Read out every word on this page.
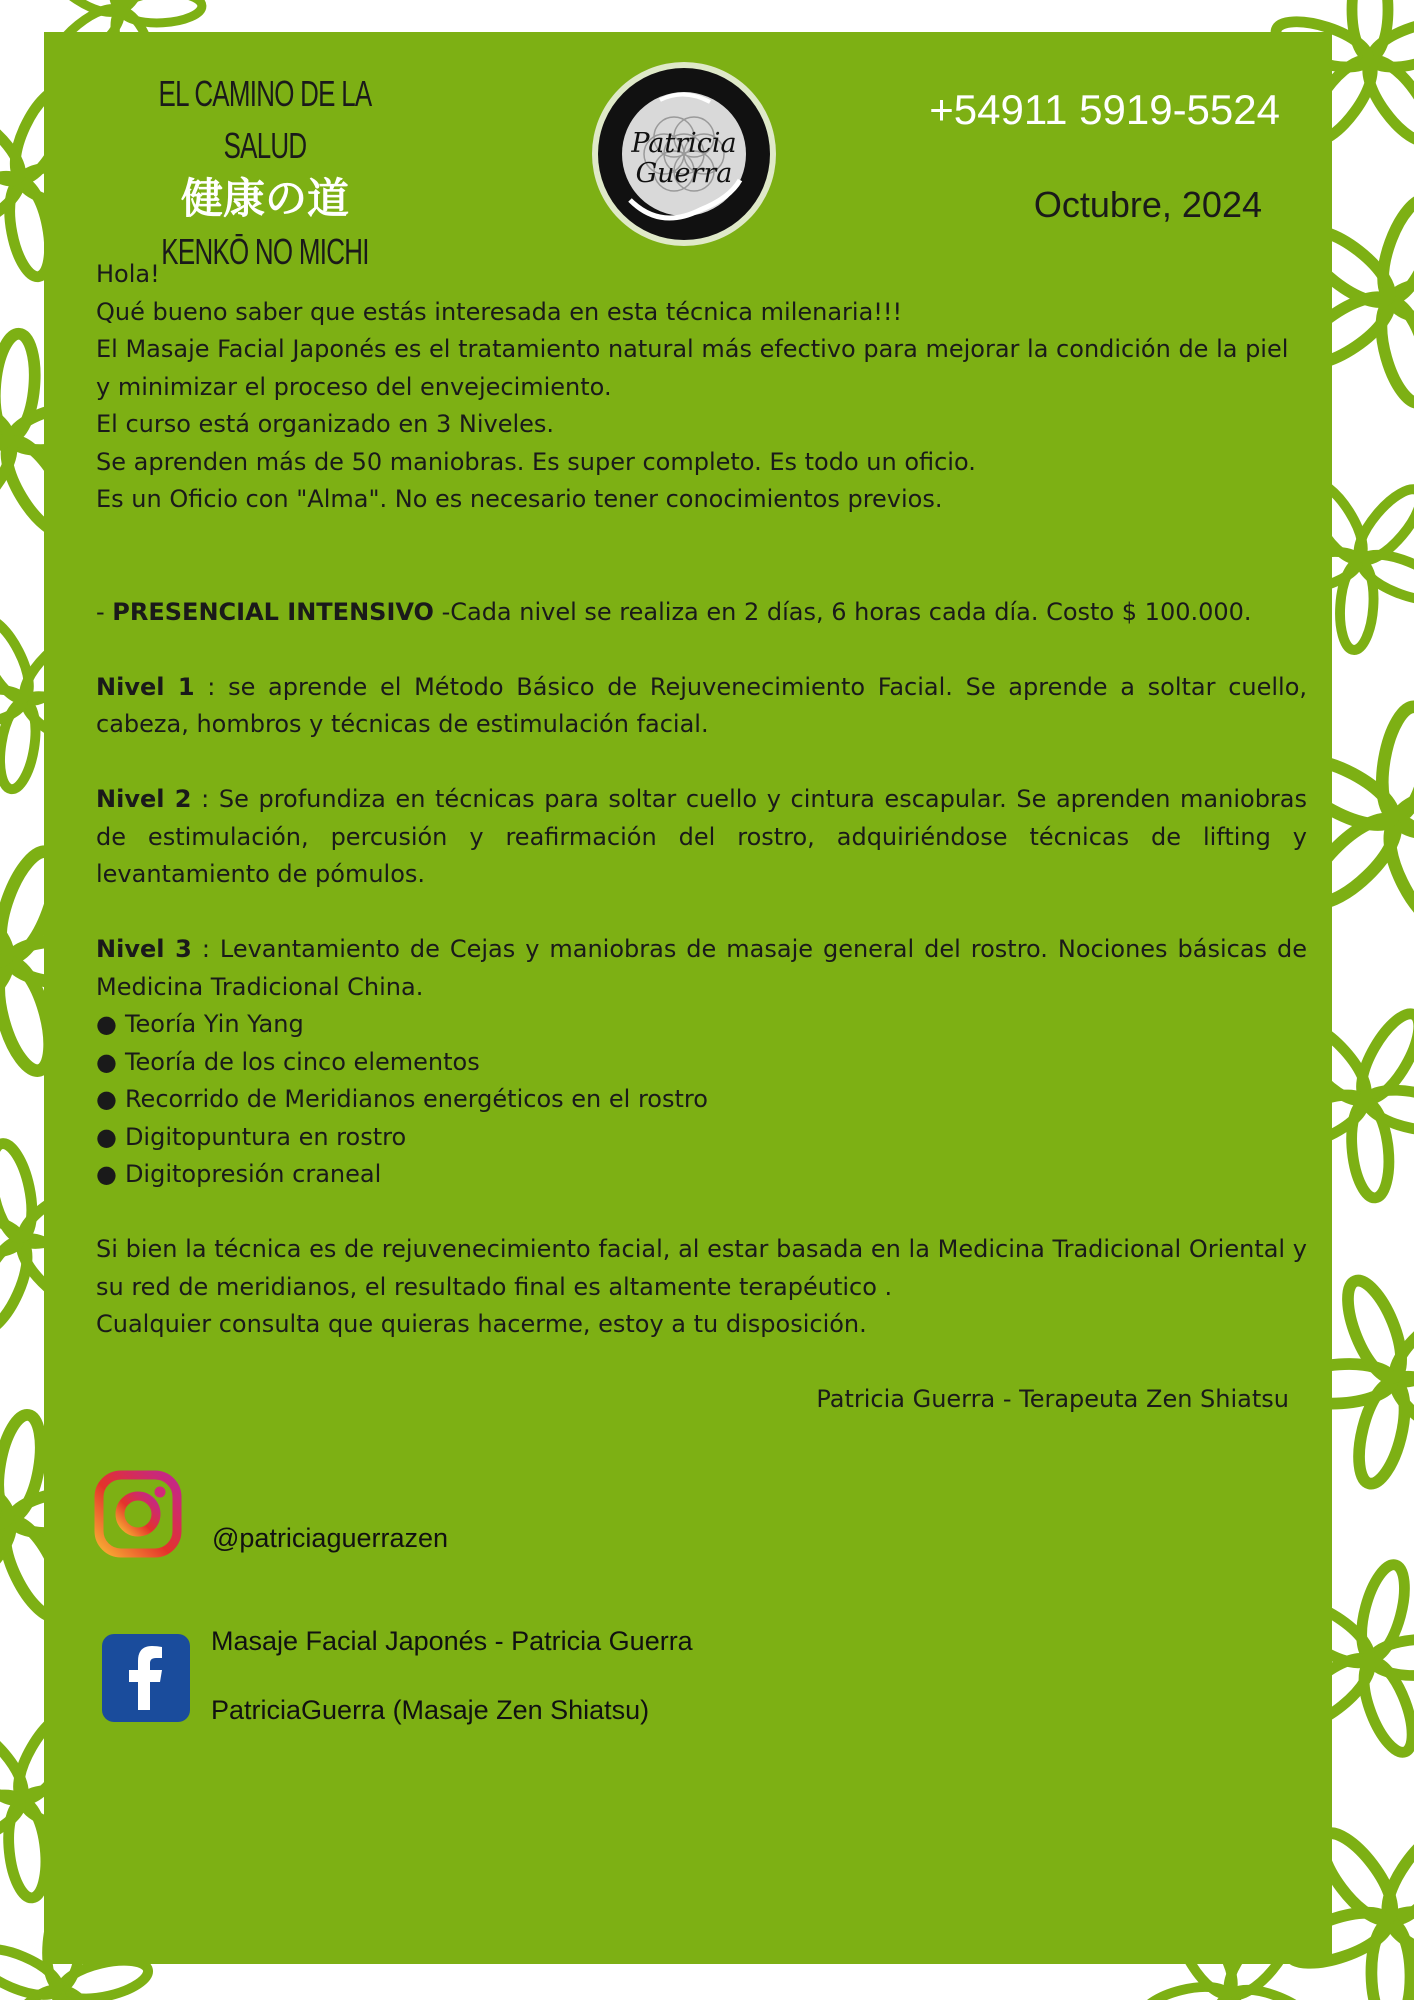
EL CAMINO DE LA SALUD
健康の道
KENKŌ NO MICHI
Patricia
Guerra
+54911 5919-5524
Octubre, 2024

Hola!

Qué bueno saber que estás interesada en esta técnica milenaria!!!

El Masaje Facial Japonés es el tratamiento natural más efectivo para mejorar la condición de la piel y minimizar el proceso del envejecimiento.

El curso está organizado en 3 Niveles.

Se aprenden más de 50 maniobras. Es super completo. Es todo un oficio.

Es un Oficio con "Alma". No es necesario tener conocimientos previos.

- PRESENCIAL INTENSIVO -Cada nivel se realiza en 2 días, 6 horas cada día. Costo $ 100.000.

Nivel 1 : se aprende el Método Básico de Rejuvenecimiento Facial. Se aprende a soltar cuello, cabeza, hombros y técnicas de estimulación facial.

Nivel 2 : Se profundiza en técnicas para soltar cuello y cintura escapular. Se aprenden maniobras de estimulación, percusión y reafirmación del rostro, adquiriéndose técnicas de lifting y levantamiento de pómulos.

Nivel 3 : Levantamiento de Cejas y maniobras de masaje general del rostro. Nociones básicas de Medicina Tradicional China.

● Teoría Yin Yang

● Teoría de los cinco elementos

● Recorrido de Meridianos energéticos en el rostro

● Digitopuntura en rostro

● Digitopresión craneal

Si bien la técnica es de rejuvenecimiento facial, al estar basada en la Medicina Tradicional Oriental y su red de meridianos, el resultado final es altamente terapéutico .

Cualquier consulta que quieras hacerme, estoy a tu disposición.

Patricia Guerra - Terapeuta Zen Shiatsu

@patriciaguerrazen
Masaje Facial Japonés - Patricia Guerra
PatriciaGuerra (Masaje Zen Shiatsu)
